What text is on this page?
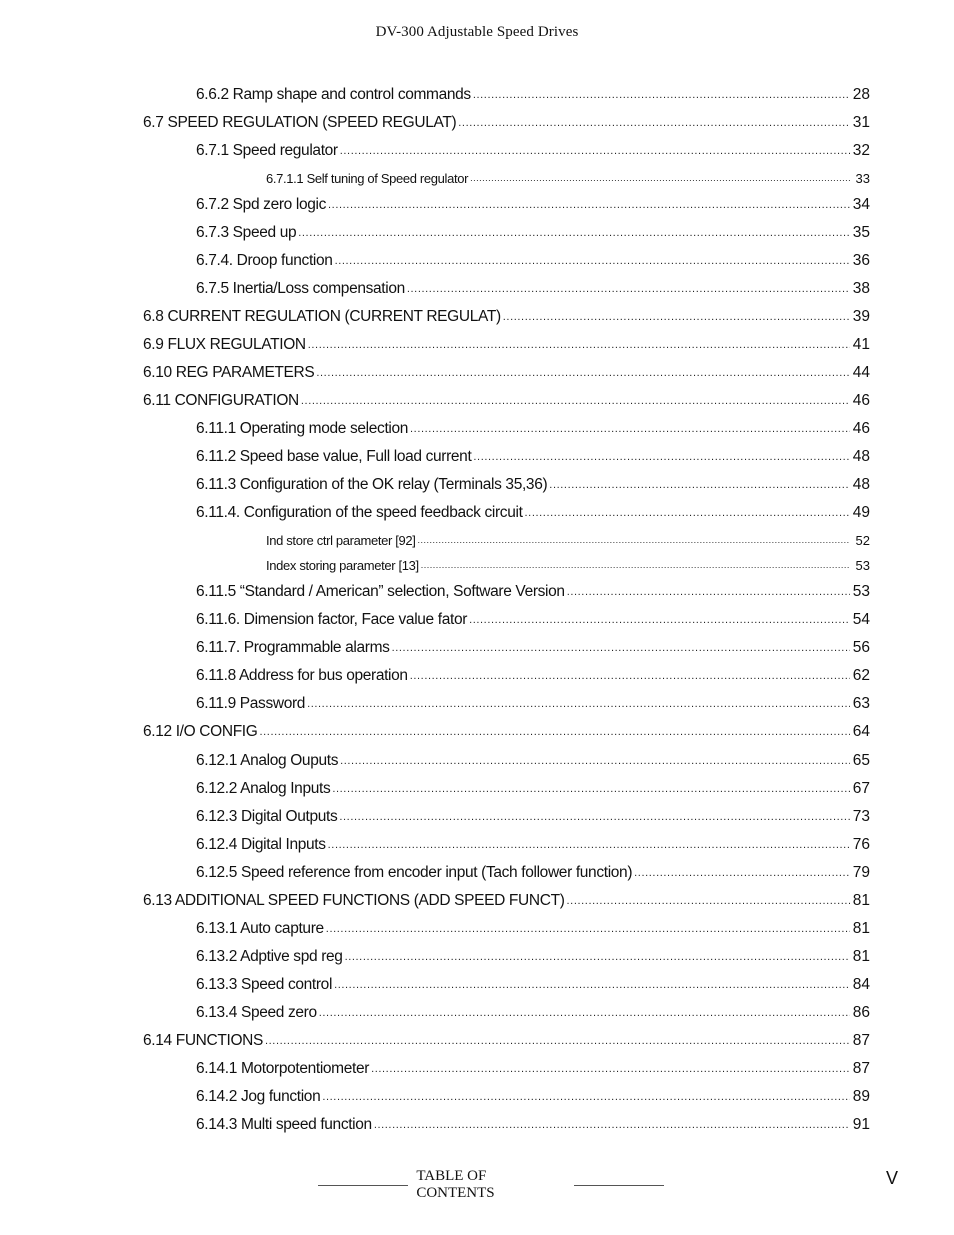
DV-300 Adjustable Speed Drives
6.6.2 Ramp shape and control commands .....	28
6.7 SPEED REGULATION (SPEED REGULAT) .....	31
6.7.1 Speed regulator .....	32
6.7.1.1 Self tuning of Speed regulator .....	33
6.7.2 Spd zero logic .....	34
6.7.3 Speed up .....	35
6.7.4. Droop function .....	36
6.7.5 Inertia/Loss compensation .....	38
6.8 CURRENT REGULATION (CURRENT REGULAT) .....	39
6.9 FLUX REGULATION .....	41
6.10 REG PARAMETERS .....	44
6.11 CONFIGURATION .....	46
6.11.1 Operating mode selection .....	46
6.11.2 Speed base value, Full load current .....	48
6.11.3 Configuration of the OK relay (Terminals 35,36) .....	48
6.11.4. Configuration of the speed feedback circuit .....	49
Ind store ctrl parameter [92] .....	52
Index storing parameter [13] .....	53
6.11.5 “Standard / American” selection, Software Version .....	53
6.11.6. Dimension factor, Face value fator .....	54
6.11.7. Programmable alarms .....	56
6.11.8 Address for bus operation .....	62
6.11.9 Password .....	63
6.12 I/O CONFIG .....	64
6.12.1 Analog Ouputs .....	65
6.12.2 Analog Inputs .....	67
6.12.3 Digital Outputs .....	73
6.12.4 Digital Inputs .....	76
6.12.5 Speed reference from encoder input (Tach follower function) .....	79
6.13 ADDITIONAL SPEED FUNCTIONS (ADD SPEED FUNCT) .....	81
6.13.1 Auto capture .....	81
6.13.2 Adptive spd reg .....	81
6.13.3 Speed control .....	84
6.13.4 Speed zero .....	86
6.14 FUNCTIONS .....	87
6.14.1 Motorpotentiometer .....	87
6.14.2 Jog function .....	89
6.14.3 Multi speed function .....	91
TABLE OF CONTENTS
V
